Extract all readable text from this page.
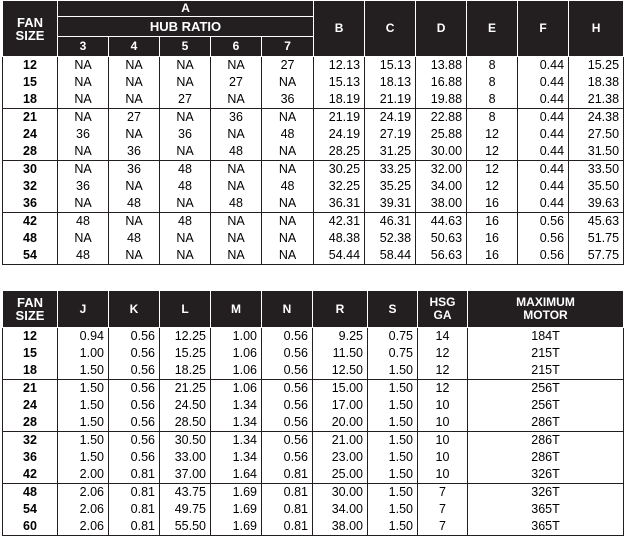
FAN SIZE	A					B	C	D	E	F	H
	HUB RATIO										
	3	4	5	6	7						
12	NA	NA	NA	NA	27	12.13	15.13	13.88	8	0.44	15.25
15	NA	NA	NA	27	NA	15.13	18.13	16.88	8	0.44	18.38
18	NA	NA	27	NA	36	18.19	21.19	19.88	8	0.44	21.38
21	NA	27	NA	36	NA	21.19	24.19	22.88	8	0.44	24.38
24	36	NA	36	NA	48	24.19	27.19	25.88	12	0.44	27.50
28	NA	36	NA	48	NA	28.25	31.25	30.00	12	0.44	31.50
30	NA	36	48	NA	NA	30.25	33.25	32.00	12	0.44	33.50
32	36	NA	48	NA	48	32.25	35.25	34.00	12	0.44	35.50
36	NA	48	NA	48	NA	36.31	39.31	38.00	16	0.44	39.63
42	48	NA	48	NA	NA	42.31	46.31	44.63	16	0.56	45.63
48	NA	48	NA	NA	NA	48.38	52.38	50.63	16	0.56	51.75
54	48	NA	NA	NA	NA	54.44	58.44	56.63	16	0.56	57.75
FAN SIZE	J	K	L	M	N	R	S	HSG GA	MAXIMUM MOTOR
12	0.94	0.56	12.25	1.00	0.56	9.25	0.75	14	184T
15	1.00	0.56	15.25	1.06	0.56	11.50	0.75	12	215T
18	1.50	0.56	18.25	1.06	0.56	12.50	1.50	12	215T
21	1.50	0.56	21.25	1.06	0.56	15.00	1.50	12	256T
24	1.50	0.56	24.50	1.34	0.56	17.00	1.50	10	256T
28	1.50	0.56	28.50	1.34	0.56	20.00	1.50	10	286T
32	1.50	0.56	30.50	1.34	0.56	21.00	1.50	10	286T
36	1.50	0.56	33.00	1.34	0.56	23.00	1.50	10	286T
42	2.00	0.81	37.00	1.64	0.81	25.00	1.50	10	326T
48	2.06	0.81	43.75	1.69	0.81	30.00	1.50	7	326T
54	2.06	0.81	49.75	1.69	0.81	34.00	1.50	7	365T
60	2.06	0.81	55.50	1.69	0.81	38.00	1.50	7	365T
